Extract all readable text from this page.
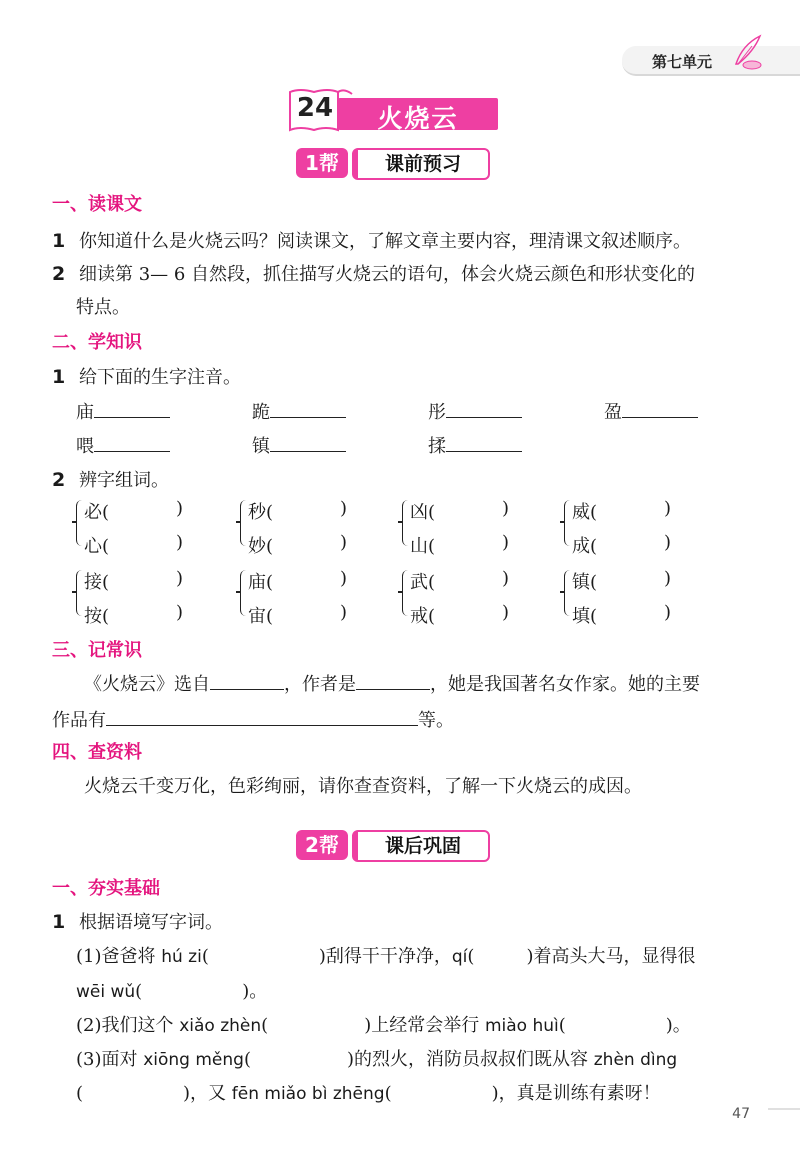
第七单元
24	火烧云
1帮	课前预习
一、读课文
1 你知道什么是火烧云吗？阅读课文，了解文章主要内容，理清课文叙述顺序。
2 细读第 3— 6 自然段，抓住描写火烧云的语句，体会火烧云颜色和形状变化的
特点。
二、学知识
1 给下面的生字注音。
庙	跪	彤	盈
喂	镇	揉
2 辨字组词。
必(	)
心(	)
秒(	)
妙(	)
凶(	)
山(	)
威(	)
成(	)
接(	)
按(	)
庙(	)
宙(	)
武(	)
戒(	)
镇(	)
填(	)
三、记常识
《火烧云》选自	，作者是	，她是我国著名女作家。她的主要
作品有	等。
四、查资料
火烧云千变万化，色彩绚丽，请你查查资料，了解一下火烧云的成因。
2帮	课后巩固
一、夯实基础
1 根据语境写字词。
(1)爸爸将 hú zi(	)刮得干干净净，qí(	)着高头大马，显得很
wēi wǔ(	)。
(2)我们这个 xiǎo zhèn(	)上经常会举行 miào huì(	)。
(3)面对 xiōng měng(	)的烈火，消防员叔叔们既从容 zhèn dìng
(	)，又 fēn miǎo bì zhēng(	)，真是训练有素呀！
47
